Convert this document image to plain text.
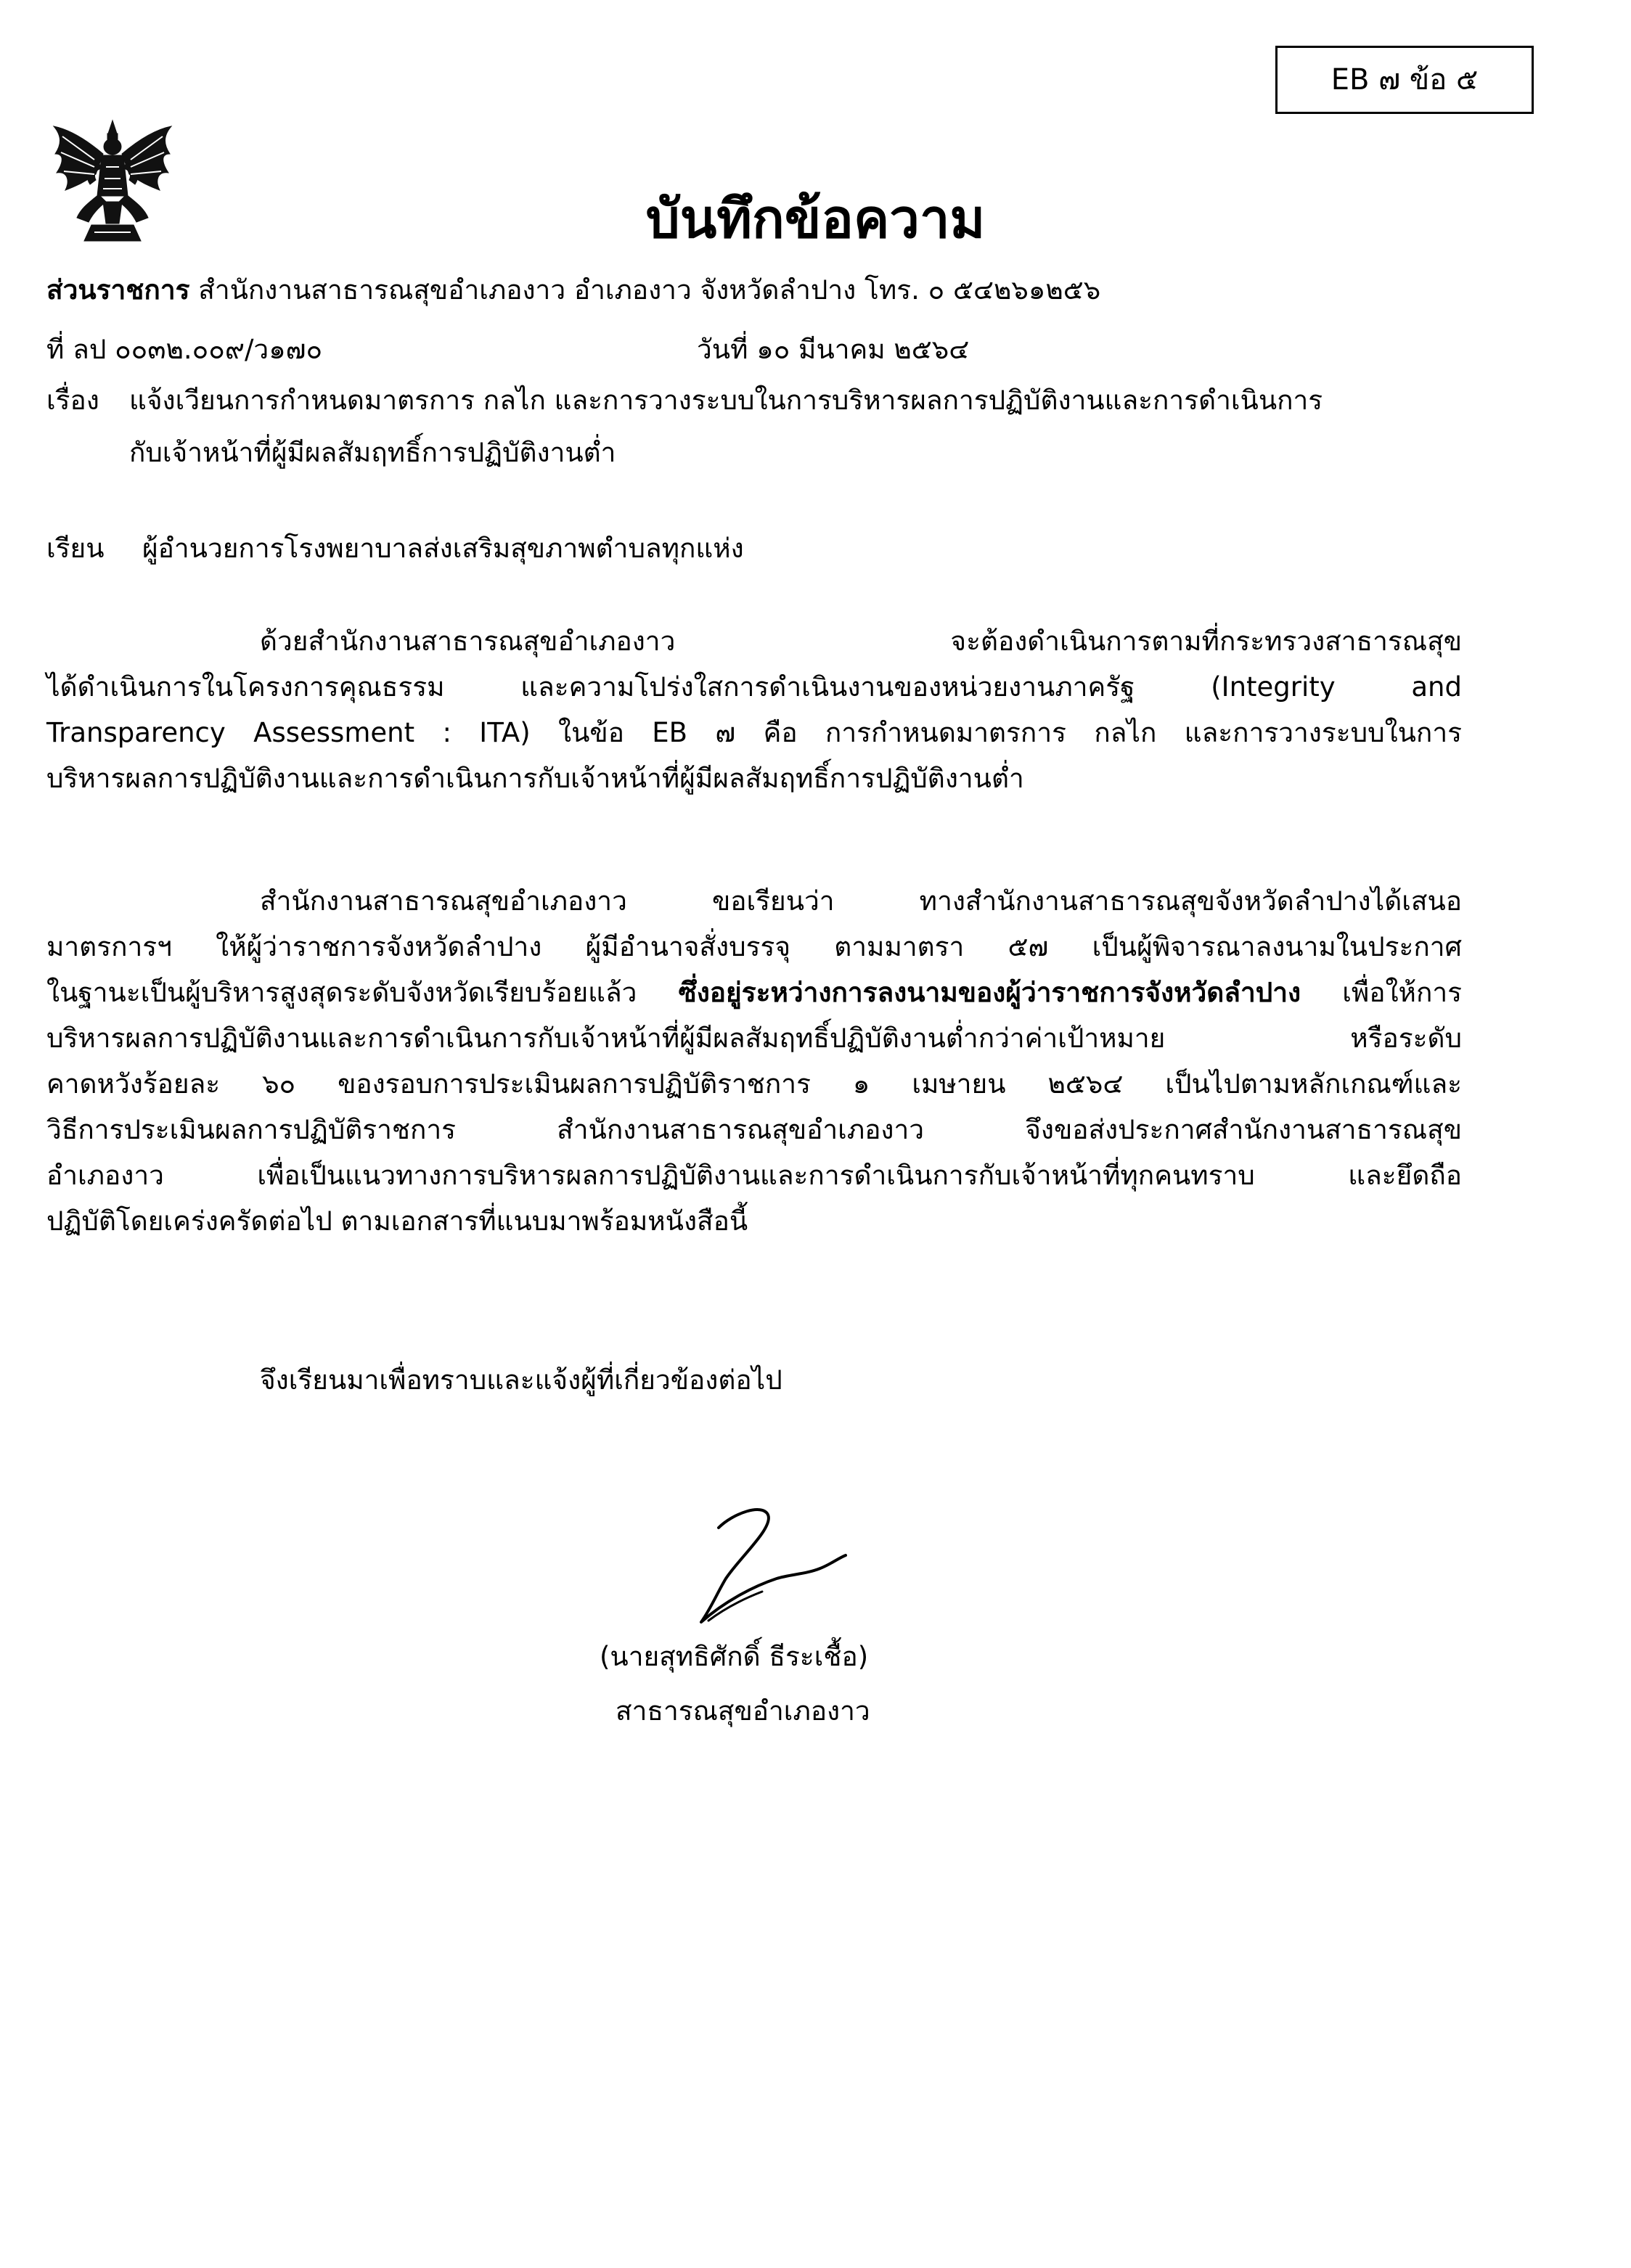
EB ๗ ข้อ ๕
บันทึกข้อความ
ส่วนราชการ สำนักงานสาธารณสุขอำเภองาว อำเภองาว จังหวัดลำปาง โทร. ๐ ๕๔๒๖๑๒๕๖
ที่ ลป ๐๐๓๒.๐๐๙/ว๑๗๐	วันที่ ๑๐ มีนาคม ๒๕๖๔
เรื่อง แจ้งเวียนการกำหนดมาตรการ กลไก และการวางระบบในการบริหารผลการปฏิบัติงานและการดำเนินการ
กับเจ้าหน้าที่ผู้มีผลสัมฤทธิ์การปฏิบัติงานต่ำ
เรียน ผู้อำนวยการโรงพยาบาลส่งเสริมสุขภาพตำบลทุกแห่ง

ด้วยสำนักงานสาธารณสุขอำเภองาว จะต้องดำเนินการตามที่กระทรวงสาธารณสุข

ได้ดำเนินการในโครงการคุณธรรม และความโปร่งใสการดำเนินงานของหน่วยงานภาครัฐ (Integrity and

Transparency Assessment : ITA) ในข้อ EB ๗ คือ การกำหนดมาตรการ กลไก และการวางระบบในการ

บริหารผลการปฏิบัติงานและการดำเนินการกับเจ้าหน้าที่ผู้มีผลสัมฤทธิ์การปฏิบัติงานต่ำ

สำนักงานสาธารณสุขอำเภองาว ขอเรียนว่า ทางสำนักงานสาธารณสุขจังหวัดลำปางได้เสนอ

มาตรการฯ ให้ผู้ว่าราชการจังหวัดลำปาง ผู้มีอำนาจสั่งบรรจุ ตามมาตรา ๕๗ เป็นผู้พิจารณาลงนามในประกาศ

ในฐานะเป็นผู้บริหารสูงสุดระดับจังหวัดเรียบร้อยแล้ว ซึ่งอยู่ระหว่างการลงนามของผู้ว่าราชการจังหวัดลำปาง เพื่อให้การ

บริหารผลการปฏิบัติงานและการดำเนินการกับเจ้าหน้าที่ผู้มีผลสัมฤทธิ์ปฏิบัติงานต่ำกว่าค่าเป้าหมาย หรือระดับ

คาดหวังร้อยละ ๖๐ ของรอบการประเมินผลการปฏิบัติราชการ ๑ เมษายน ๒๕๖๔ เป็นไปตามหลักเกณฑ์และ

วิธีการประเมินผลการปฏิบัติราชการ สำนักงานสาธารณสุขอำเภองาว จึงขอส่งประกาศสำนักงานสาธารณสุข

อำเภองาว เพื่อเป็นแนวทางการบริหารผลการปฏิบัติงานและการดำเนินการกับเจ้าหน้าที่ทุกคนทราบ และยึดถือ

ปฏิบัติโดยเคร่งครัดต่อไป ตามเอกสารที่แนบมาพร้อมหนังสือนี้

จึงเรียนมาเพื่อทราบและแจ้งผู้ที่เกี่ยวข้องต่อไป
(นายสุทธิศักดิ์ ธีระเชื้อ)
สาธารณสุขอำเภองาว
